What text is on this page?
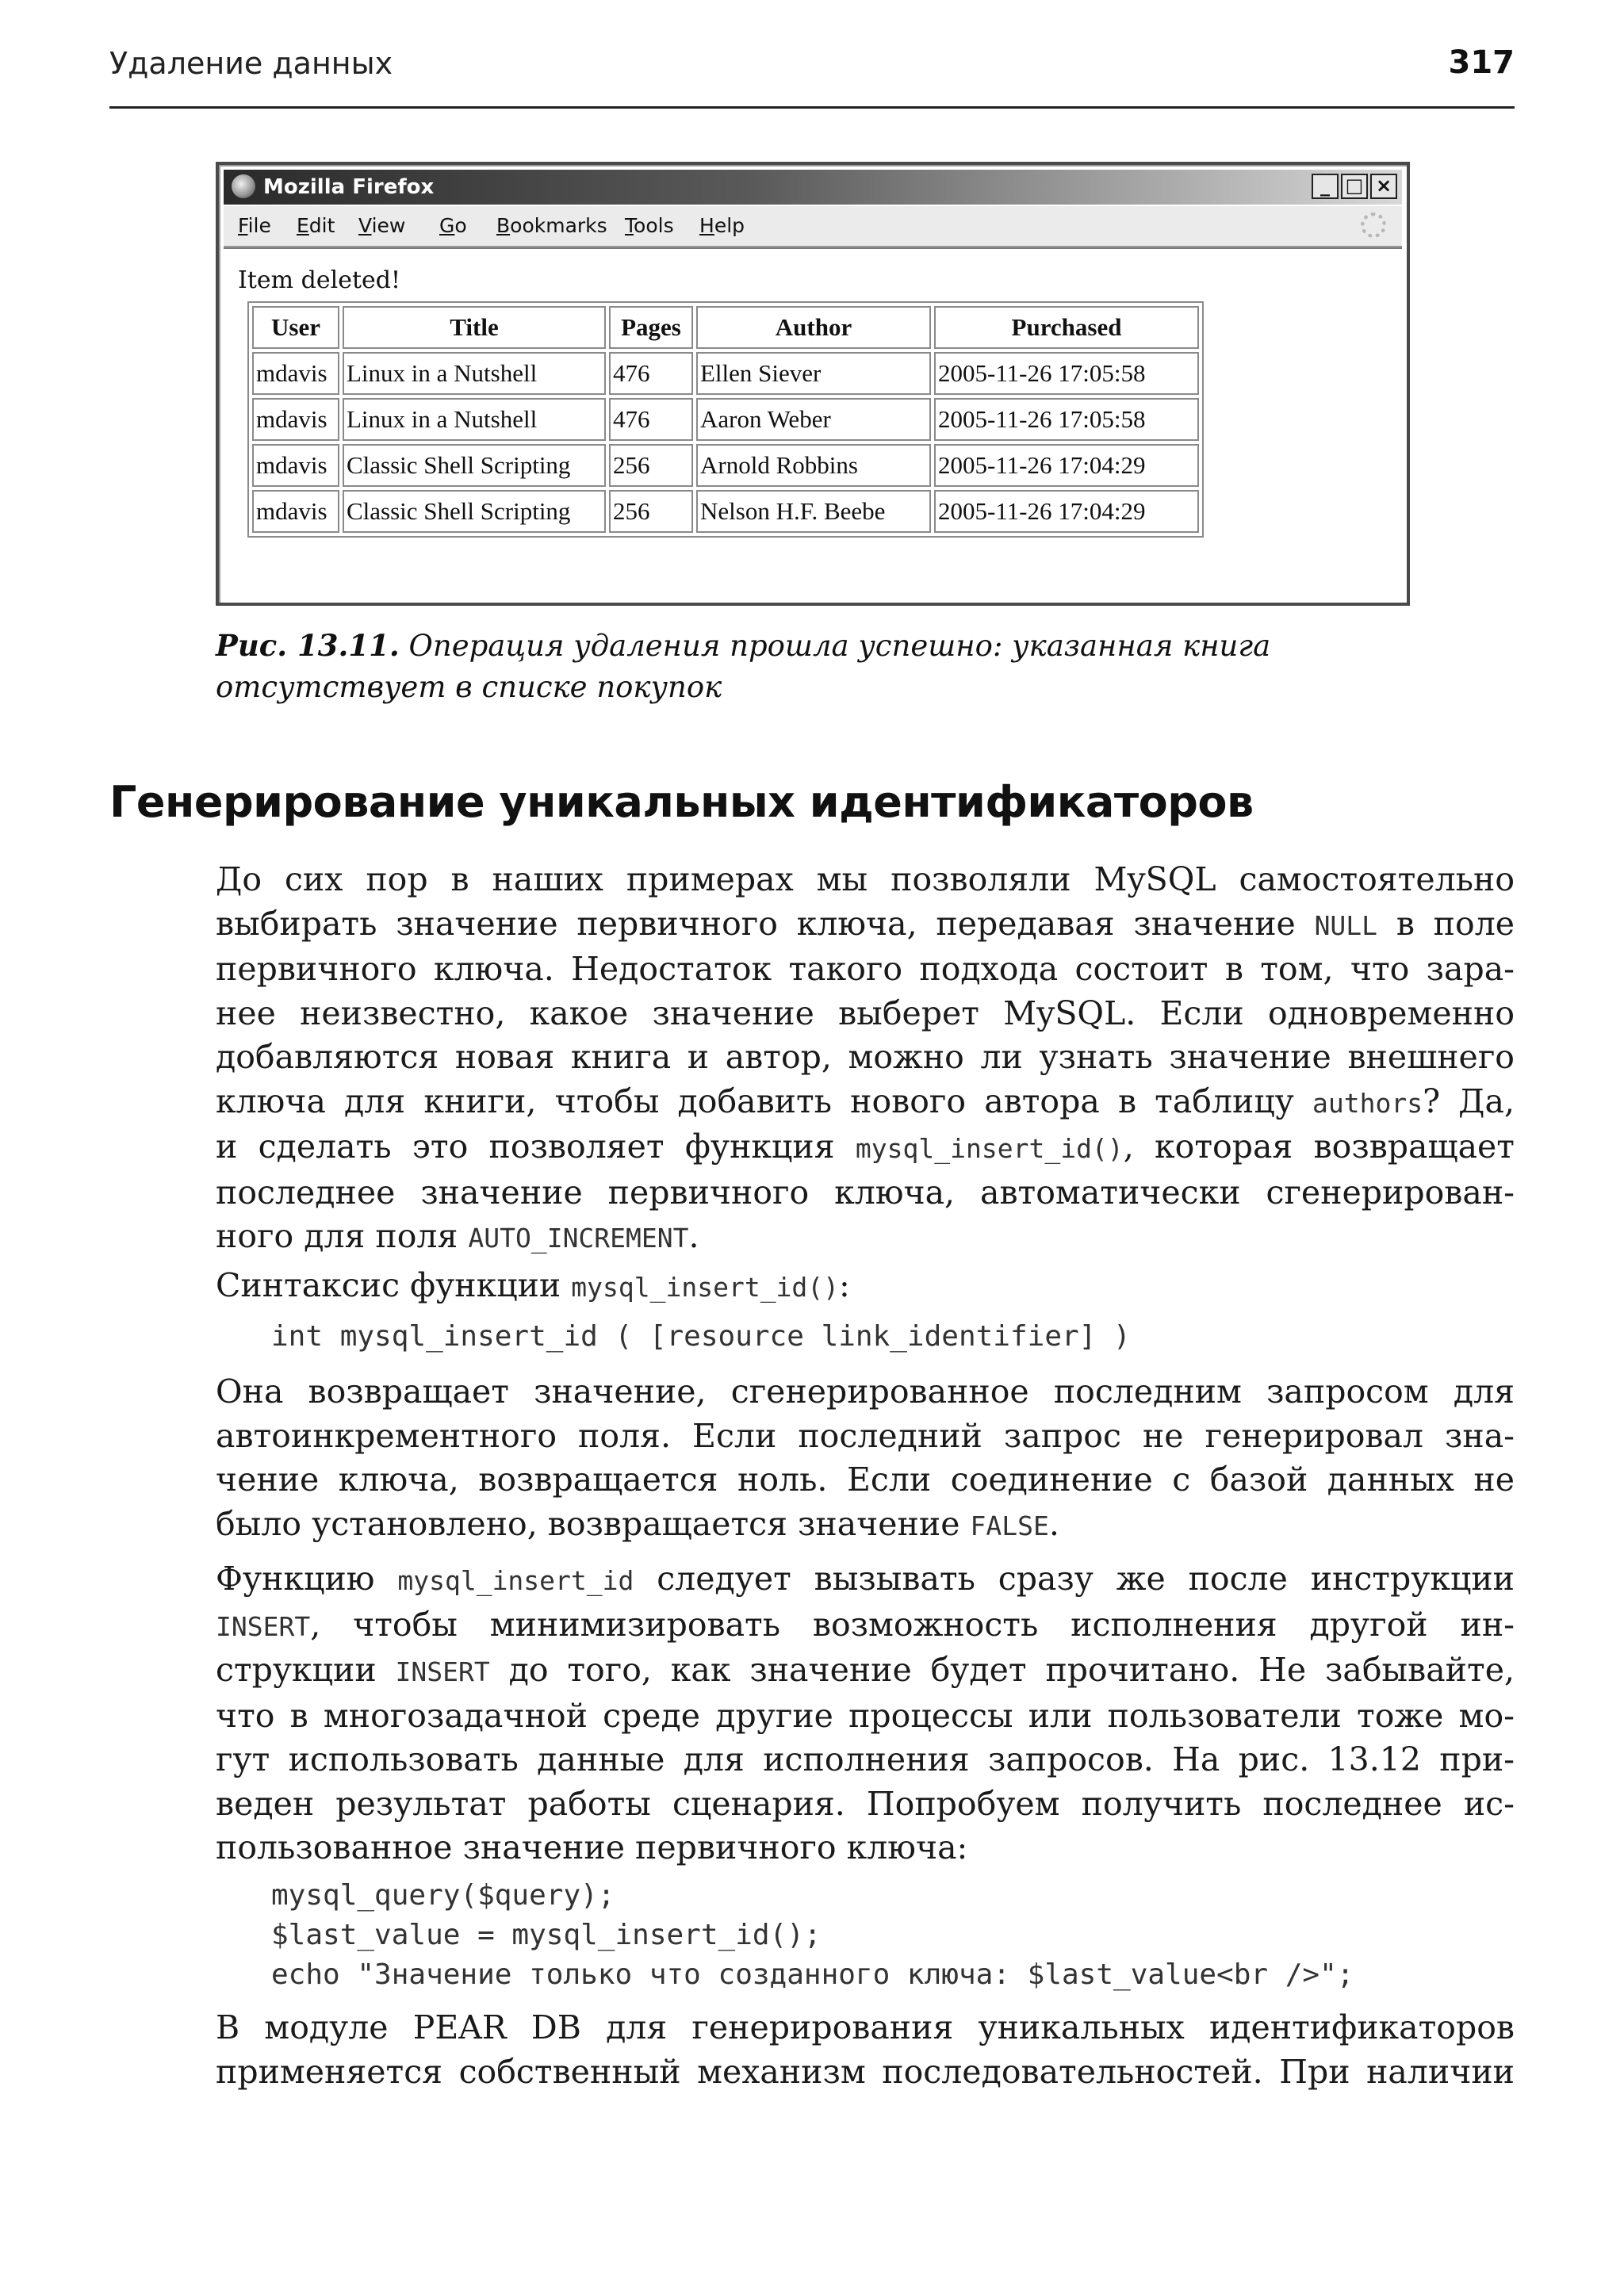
Удаление данных	317
Mozilla Firefox	_ □ ×
File Edit View Go Bookmarks Tools Help
Item deleted!
User	Title	Pages	Author	Purchased
mdavis	Linux in a Nutshell	476	Ellen Siever	2005-11-26 17:05:58
mdavis	Linux in a Nutshell	476	Aaron Weber	2005-11-26 17:05:58
mdavis	Classic Shell Scripting	256	Arnold Robbins	2005-11-26 17:04:29
mdavis	Classic Shell Scripting	256	Nelson H.F. Beebe	2005-11-26 17:04:29
Рис. 13.11. Операция удаления прошла успешно: указанная книга
отсутствует в списке покупок
Генерирование уникальных идентификаторов
До сих пор в наших примерах мы позволяли MySQL самостоятельно
выбирать значение первичного ключа, передавая значение NULL в поле
первичного ключа. Недостаток такого подхода состоит в том, что зара-
нее неизвестно, какое значение выберет MySQL. Если одновременно
добавляются новая книга и автор, можно ли узнать значение внешнего
ключа для книги, чтобы добавить нового автора в таблицу authors? Да,
и сделать это позволяет функция mysql_insert_id(), которая возвращает
последнее значение первичного ключа, автоматически сгенерирован-
ного для поля AUTO_INCREMENT.
Синтаксис функции mysql_insert_id():
int mysql_insert_id ( [resource link_identifier] )
Она возвращает значение, сгенерированное последним запросом для
автоинкрементного поля. Если последний запрос не генерировал зна-
чение ключа, возвращается ноль. Если соединение с базой данных не
было установлено, возвращается значение FALSE.
Функцию mysql_insert_id следует вызывать сразу же после инструкции
INSERT, чтобы минимизировать возможность исполнения другой ин-
струкции INSERT до того, как значение будет прочитано. Не забывайте,
что в многозадачной среде другие процессы или пользователи тоже мо-
гут использовать данные для исполнения запросов. На рис. 13.12 при-
веден результат работы сценария. Попробуем получить последнее ис-
пользованное значение первичного ключа:
mysql_query($query);
$last_value = mysql_insert_id();
echo "Значение только что созданного ключа: $last_value<br />";
В модуле PEAR DB для генерирования уникальных идентификаторов
применяется собственный механизм последовательностей. При наличии
